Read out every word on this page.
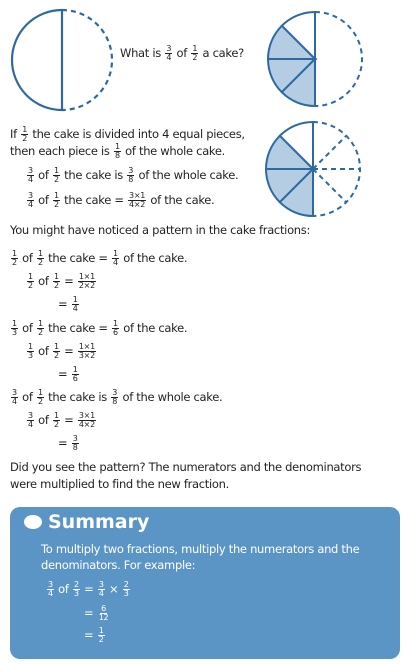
What is $\frac{3}{4}$ of $\frac{1}{2}$ a cake?
If $\frac{1}{2}$ the cake is divided into 4 equal pieces,
then each piece is $\frac{1}{8}$ of the whole cake.
$\frac{3}{4}$ of $\frac{1}{2}$ the cake is $\frac{3}{8}$ of the whole cake.
$\frac{3}{4}$ of $\frac{1}{2}$ the cake = $\frac{3\times 1}{4\times 2}$ of the cake.
You might have noticed a pattern in the cake fractions:
$\frac{1}{2}$ of $\frac{1}{2}$ the cake = $\frac{1}{4}$ of the cake.
$\frac{1}{2}$ of $\frac{1}{2} = \frac{1\times 1}{2\times 2}$
= $\frac{1}{4}$
$\frac{1}{3}$ of $\frac{1}{2}$ the cake = $\frac{1}{6}$ of the cake.
$\frac{1}{3}$ of $\frac{1}{2} = \frac{1\times 1}{3\times 2}$
= $\frac{1}{6}$
$\frac{3}{4}$ of $\frac{1}{2}$ the cake is $\frac{3}{8}$ of the whole cake.
$\frac{3}{4}$ of $\frac{1}{2} = \frac{3\times 1}{4\times 2}$
= $\frac{3}{8}$
Did you see the pattern? The numerators and the denominators
were multiplied to find the new fraction.
Summary
To multiply two fractions, multiply the numerators and the
denominators. For example:
$\frac{3}{4}$ of $\frac{2}{3} = \frac{3}{4} \times \frac{2}{3}$
= $\frac{6}{12}$
= $\frac{1}{2}$
